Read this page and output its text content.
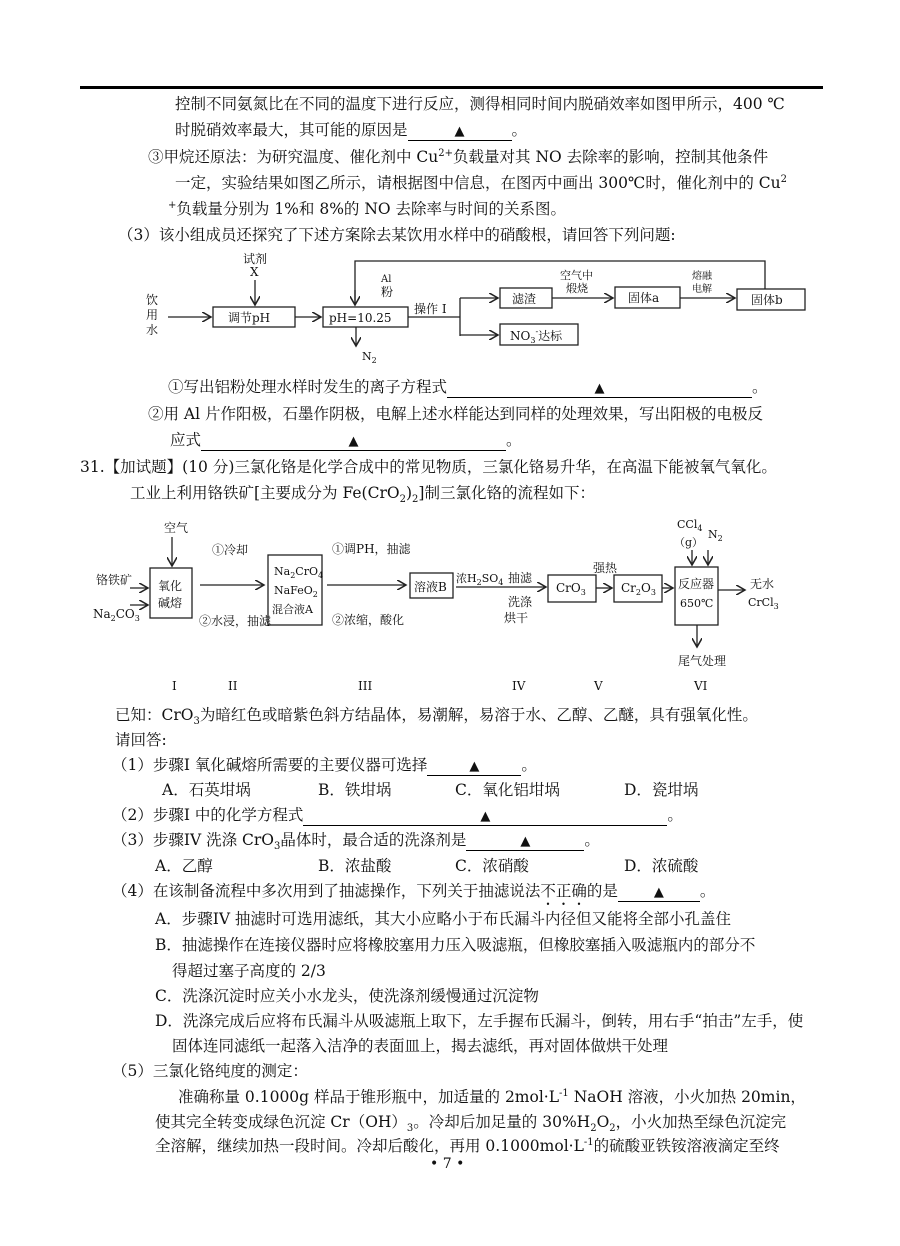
控制不同氨氮比在不同的温度下进行反应，测得相同时间内脱硝效率如图甲所示，400 ℃
时脱硝效率最大，其可能的原因是	▲	。
③甲烷还原法：为研究温度、催化剂中 $Cu^{2+}$负载量对其 NO 去除率的影响，控制其他条件
一定，实验结果如图乙所示，请根据图中信息，在图丙中画出 300℃时，催化剂中的 Cu$^2$
+负载量分别为 1%和 8%的 NO 去除率与时间的关系图。
（3）该小组成员还探究了下述方案除去某饮用水样中的硝酸根，请回答下列问题:
饮
用
水
试剂
X
调节pH	pH=10.25
Al
粉
$N_2$
操作 I
滤渣
$NO_3^-$达标
空气中
煅烧
固体a
熔融
电解
固体b
空气
铬铁矿
$Na_2CO_3$
氧化
碱熔
①冷却
②水浸，抽滤
$Na_2CrO_4$
NaFeO$_2$
混合液A
①调PH，抽滤
②浓缩，酸化
溶液B
浓$H_2SO_4$ 抽滤
洗涤
烘干
CrO$_3$
强热
$Cr_2O_3$
反应器
650℃
CCl$_4$
（g）
$N_2$
无水
CrCl$_3$
尾气处理
I	II	III	IV	V	VI
①写出铝粉处理水样时发生的离子方程式	▲	。
②用 Al 片作阳极，石墨作阴极，电解上述水样能达到同样的处理效果，写出阳极的电极反
应式	▲	。
31.【加试题】(10 分)三氯化铬是化学合成中的常见物质，三氯化铬易升华，在高温下能被氧气氧化。
工业上利用铬铁矿[主要成分为 $Fe(CrO_2)_2$]制三氯化铬的流程如下：
已知：CrO$_3$为暗红色或暗紫色斜方结晶体，易潮解，易溶于水、乙醇、乙醚，具有强氧化性。
请回答:
（1）步骤I 氧化碱熔所需要的主要仪器可选择	▲	。
A．石英坩埚	B．铁坩埚	C．氧化铝坩埚	D．瓷坩埚
（2）步骤I 中的化学方程式	▲	。
（3）步骤IV 洗涤 CrO$_3$晶体时，最合适的洗涤剂是	▲	。
A．乙醇	B．浓盐酸	C．浓硝酸	D．浓硫酸
（4）在该制备流程中多次用到了抽滤操作，下列关于抽滤说法不正确的是	▲ 。
A．步骤IV 抽滤时可选用滤纸，其大小应略小于布氏漏斗内径但又能将全部小孔盖住
B．抽滤操作在连接仪器时应将橡胶塞用力压入吸滤瓶，但橡胶塞插入吸滤瓶内的部分不
得超过塞子高度的 2/3
C．洗涤沉淀时应关小水龙头，使洗涤剂缓慢通过沉淀物
D．洗涤完成后应将布氏漏斗从吸滤瓶上取下，左手握布氏漏斗，倒转，用右手“拍击”左手，使
固体连同滤纸一起落入洁净的表面皿上，揭去滤纸，再对固体做烘干处理
（5）三氯化铬纯度的测定：
准确称量 0.1000g 样品于锥形瓶中，加适量的 $2mol\cdot L^{-1}$ NaOH 溶液，小火加热 20min，
使其完全转变成绿色沉淀 $Cr(OH)_3$。冷却后加足量的 $30\%H_2O_2$，小火加热至绿色沉淀完
全溶解，继续加热一段时间。冷却后酸化，再用 $0.1000mol\cdot L^{-1}$的硫酸亚铁铵溶液滴定至终
• 7 •
